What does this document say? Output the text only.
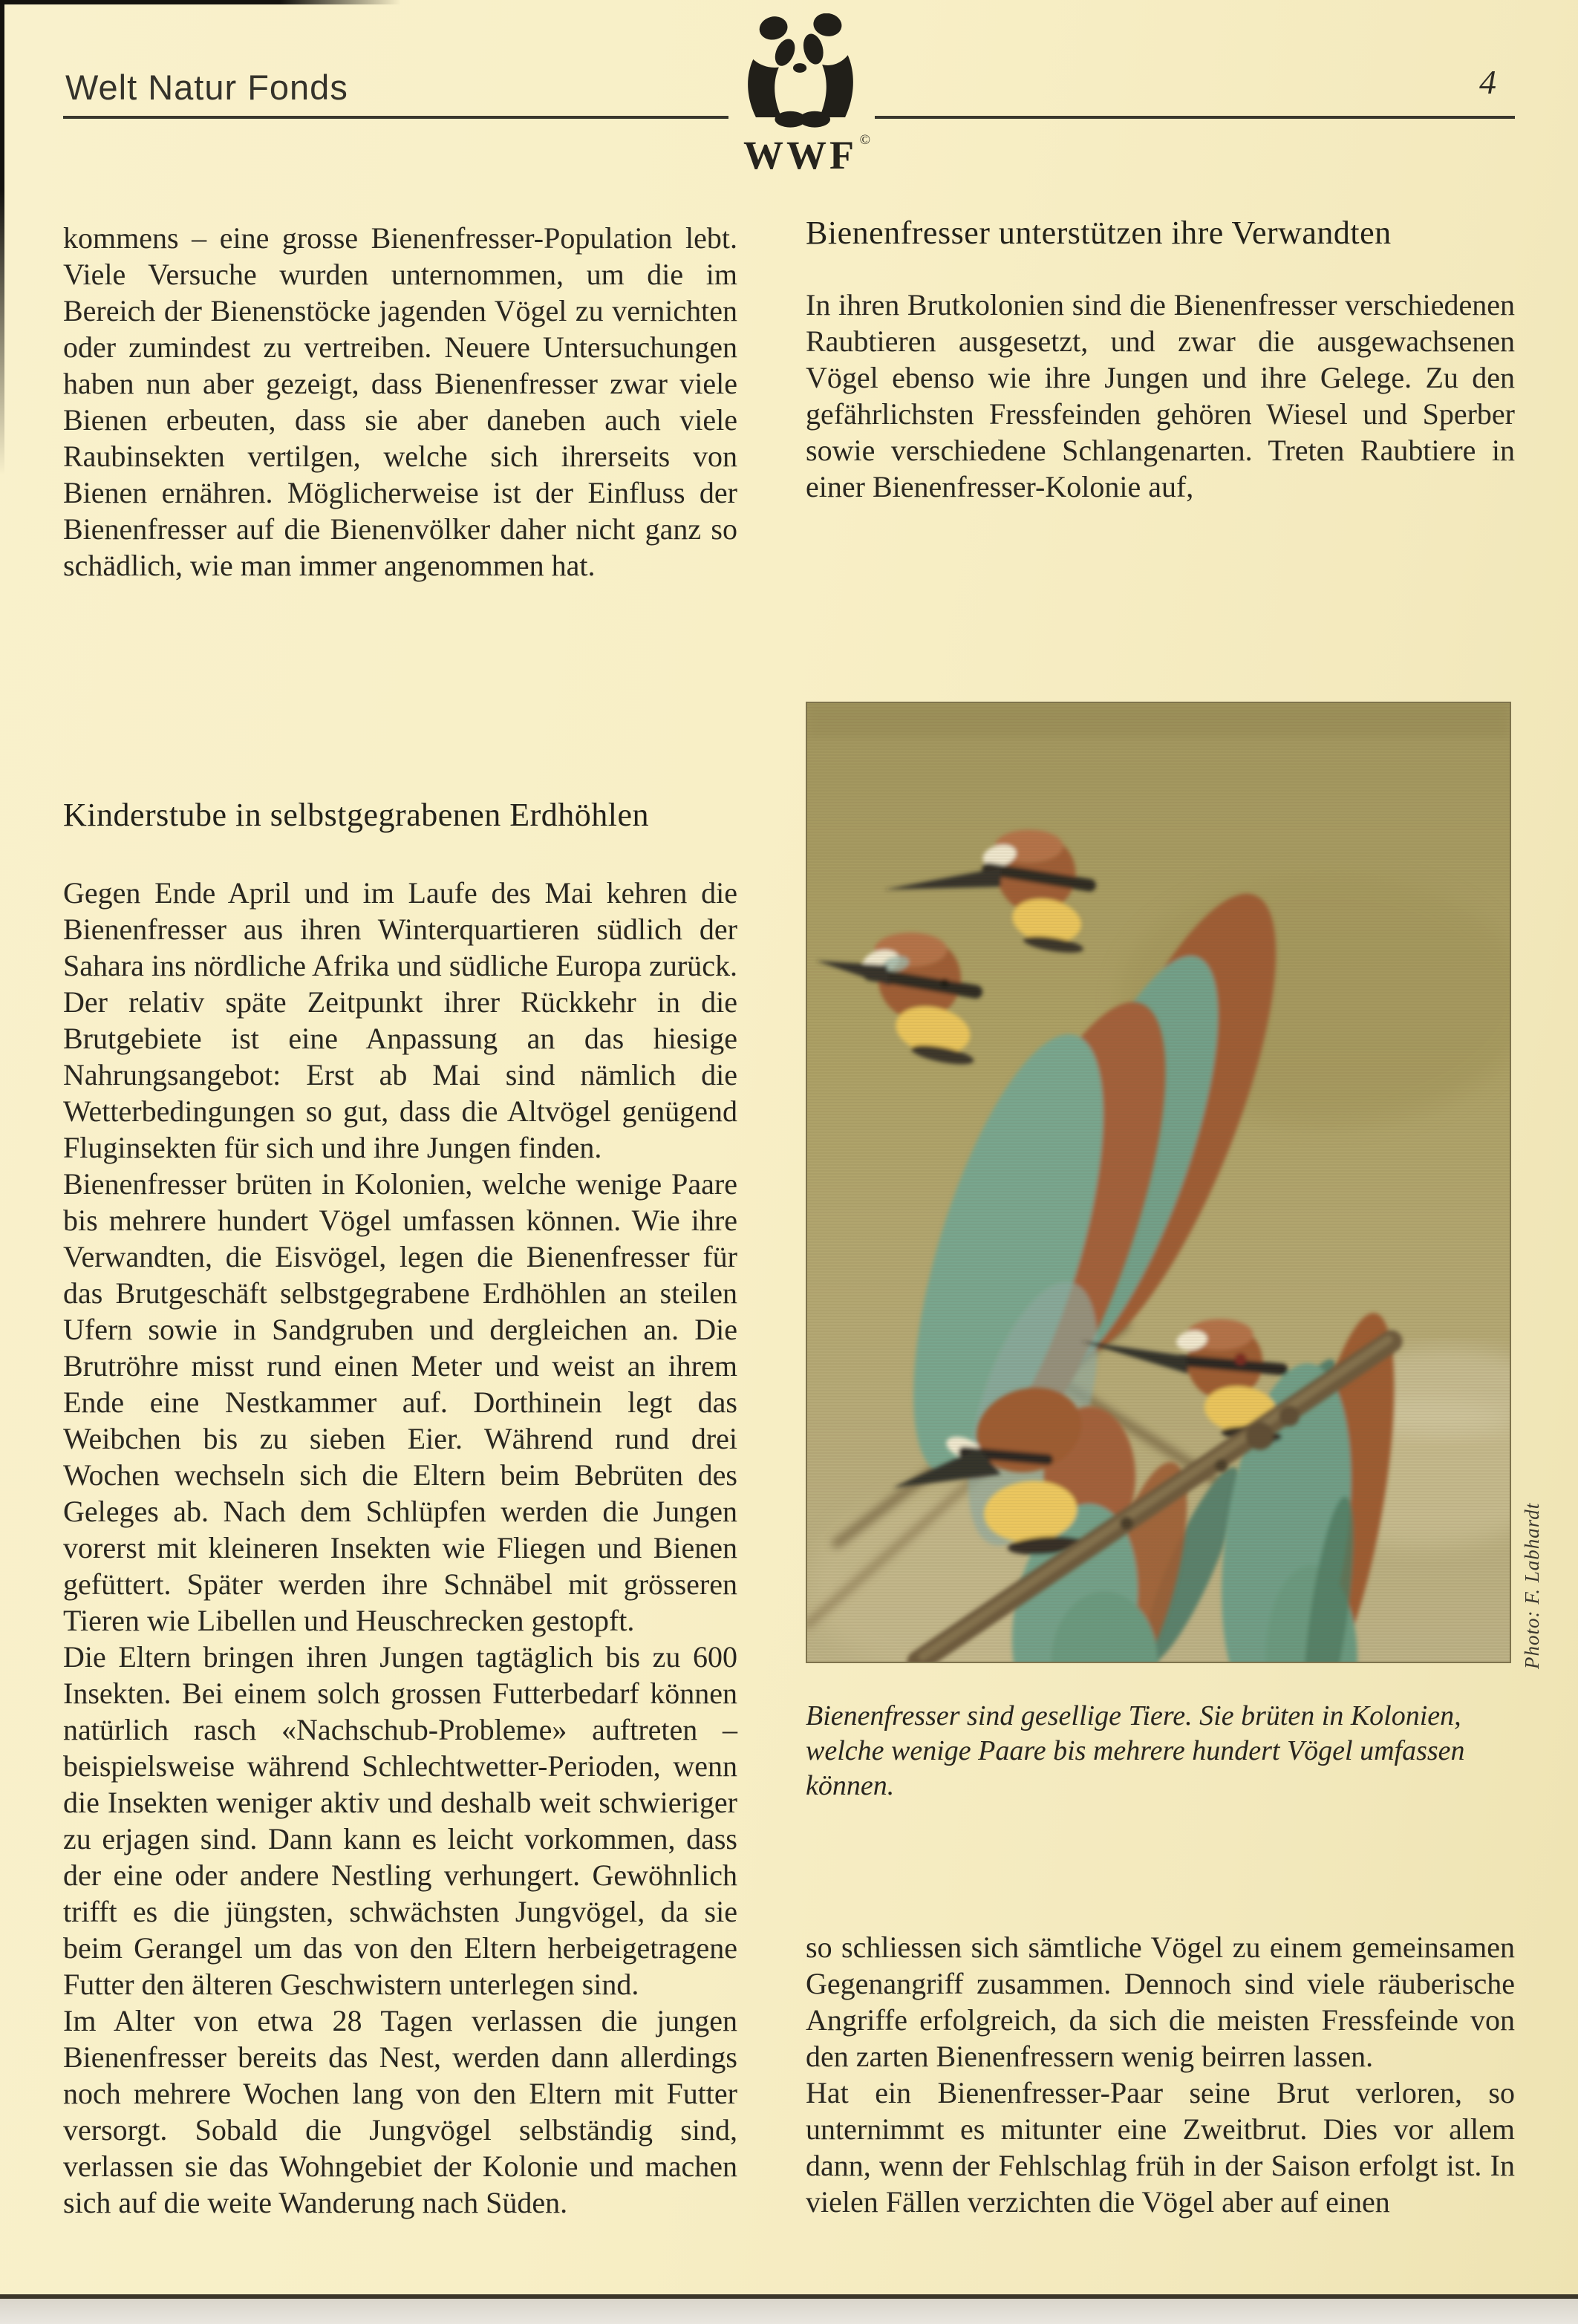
Welt Natur Fonds	4
©
WWF

kommens – eine grosse Bienenfresser-Population lebt. Viele Versuche wurden unternommen, um die im Bereich der Bienenstöcke jagenden Vögel zu vernichten oder zumindest zu vertreiben. Neuere Untersuchungen haben nun aber gezeigt, dass Bienenfresser zwar viele Bienen erbeuten, dass sie aber daneben auch viele Raubinsekten vertilgen, welche sich ihrerseits von Bienen ernähren. Möglicherweise ist der Einfluss der Bienenfresser auf die Bienenvölker daher nicht ganz so schädlich, wie man immer angenommen hat.

Bienenfresser unterstützen ihre Verwandten

In ihren Brutkolonien sind die Bienenfresser verschiedenen Raubtieren ausgesetzt, und zwar die ausgewachsenen Vögel ebenso wie ihre Jungen und ihre Gelege. Zu den gefährlichsten Fressfeinden gehören Wiesel und Sperber sowie verschiedene Schlangenarten. Treten Raubtiere in einer Bienenfresser-Kolonie auf,

Kinderstube in selbstgegrabenen Erdhöhlen

Gegen Ende April und im Laufe des Mai kehren die Bienenfresser aus ihren Winterquartieren südlich der Sahara ins nördliche Afrika und südliche Europa zurück. Der relativ späte Zeitpunkt ihrer Rückkehr in die Brutgebiete ist eine Anpassung an das hiesige Nahrungsangebot: Erst ab Mai sind nämlich die Wetterbedingungen so gut, dass die Altvögel genügend Fluginsekten für sich und ihre Jungen finden.

Bienenfresser brüten in Kolonien, welche wenige Paare bis mehrere hundert Vögel umfassen können. Wie ihre Verwandten, die Eisvögel, legen die Bienenfresser für das Brutgeschäft selbstgegrabene Erdhöhlen an steilen Ufern sowie in Sandgruben und dergleichen an. Die Brutröhre misst rund einen Meter und weist an ihrem Ende eine Nestkammer auf. Dorthinein legt das Weibchen bis zu sieben Eier. Während rund drei Wochen wechseln sich die Eltern beim Bebrüten des Geleges ab. Nach dem Schlüpfen werden die Jungen vorerst mit kleineren Insekten wie Fliegen und Bienen gefüttert. Später werden ihre Schnäbel mit grösseren Tieren wie Libellen und Heuschrecken gestopft.

Die Eltern bringen ihren Jungen tagtäglich bis zu 600 Insekten. Bei einem solch grossen Futterbedarf können natürlich rasch «Nachschub-Probleme» auftreten – beispielsweise während Schlechtwetter-Perioden, wenn die Insekten weniger aktiv und deshalb weit schwieriger zu erjagen sind. Dann kann es leicht vorkommen, dass der eine oder andere Nestling verhungert. Gewöhnlich trifft es die jüngsten, schwächsten Jungvögel, da sie beim Gerangel um das von den Eltern herbeigetragene Futter den älteren Geschwistern unterlegen sind.

Im Alter von etwa 28 Tagen verlassen die jungen Bienenfresser bereits das Nest, werden dann allerdings noch mehrere Wochen lang von den Eltern mit Futter versorgt. Sobald die Jungvögel selbständig sind, verlassen sie das Wohngebiet der Kolonie und machen sich auf die weite Wanderung nach Süden.

Photo: F. Labhardt
Bienenfresser sind gesellige Tiere. Sie brüten in Kolonien, welche wenige Paare bis mehrere hundert Vögel umfassen können.

so schliessen sich sämtliche Vögel zu einem gemeinsamen Gegenangriff zusammen. Dennoch sind viele räuberische Angriffe erfolgreich, da sich die meisten Fressfeinde von den zarten Bienenfressern wenig beirren lassen.

Hat ein Bienenfresser-Paar seine Brut verloren, so unternimmt es mitunter eine Zweitbrut. Dies vor allem dann, wenn der Fehlschlag früh in der Saison erfolgt ist. In vielen Fällen verzichten die Vögel aber auf einen
